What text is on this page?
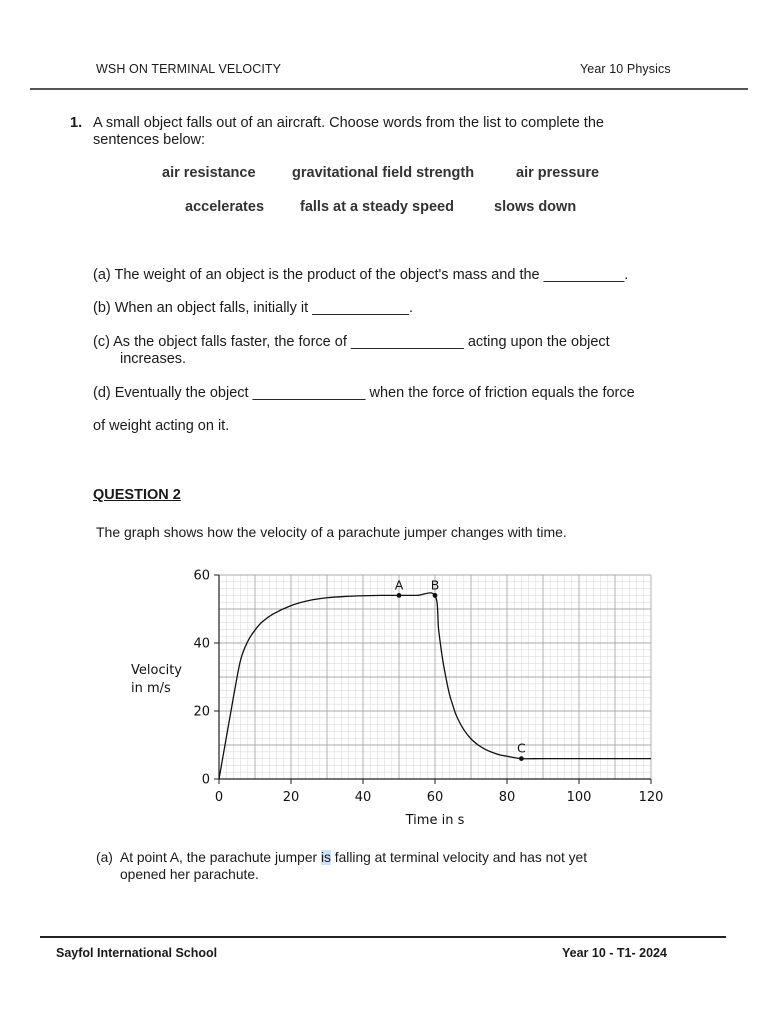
WSH ON TERMINAL VELOCITY	Year 10 Physics
1. A small object falls out of an aircraft. Choose words from the list to complete the
sentences below:
air resistance	gravitational field strength	air pressure
accelerates falls at a steady speed	slows down
(a) The weight of an object is the product of the object's mass and the __________.
(b) When an object falls, initially it ____________.
(c) As the object falls faster, the force of ______________ acting upon the object
increases.
(d) Eventually the object ______________ when the force of friction equals the force
of weight acting on it.
QUESTION 2
The graph shows how the velocity of a parachute jumper changes with time.
0	20	40	60	80	100	120
0
20
40
60
A B
C
Velocity
in m/s
Time in s
(a) At point A, the parachute jumper is falling at terminal velocity and has not yet
opened her parachute.
Sayfol International School	Year 10 - T1- 2024
